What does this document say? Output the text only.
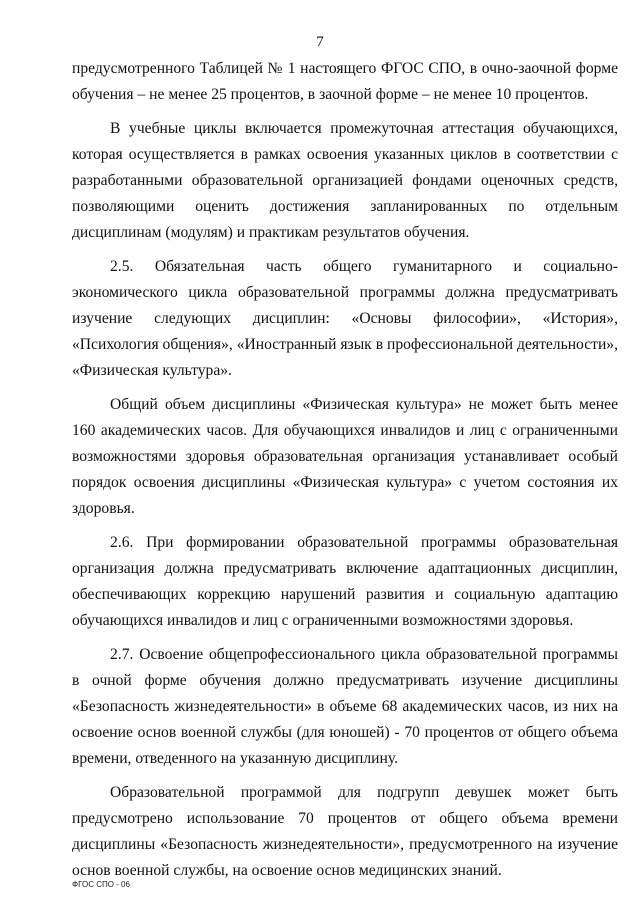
7

предусмотренного Таблицей № 1 настоящего ФГОС СПО, в очно-заочной форме обучения – не менее 25 процентов, в заочной форме – не менее 10 процентов.

В учебные циклы включается промежуточная аттестация обучающихся, которая осуществляется в рамках освоения указанных циклов в соответствии с разработанными образовательной организацией фондами оценочных средств, позволяющими оценить достижения запланированных по отдельным дисциплинам (модулям) и практикам результатов обучения.

2.5. Обязательная часть общего гуманитарного и социально-экономического цикла образовательной программы должна предусматривать изучение следующих дисциплин: «Основы философии», «История», «Психология общения», «Иностранный язык в профессиональной деятельности», «Физическая культура».

Общий объем дисциплины «Физическая культура» не может быть менее 160 академических часов. Для обучающихся инвалидов и лиц с ограниченными возможностями здоровья образовательная организация устанавливает особый порядок освоения дисциплины «Физическая культура» с учетом состояния их здоровья.

2.6. При формировании образовательной программы образовательная организация должна предусматривать включение адаптационных дисциплин, обеспечивающих коррекцию нарушений развития и социальную адаптацию обучающихся инвалидов и лиц с ограниченными возможностями здоровья.

2.7. Освоение общепрофессионального цикла образовательной программы в очной форме обучения должно предусматривать изучение дисциплины «Безопасность жизнедеятельности» в объеме 68 академических часов, из них на освоение основ военной службы (для юношей) - 70 процентов от общего объема времени, отведенного на указанную дисциплину.

Образовательной программой для подгрупп девушек может быть предусмотрено использование 70 процентов от общего объема времени дисциплины «Безопасность жизнедеятельности», предусмотренного на изучение основ военной службы, на освоение основ медицинских знаний.

ФГОС СПО - 06
